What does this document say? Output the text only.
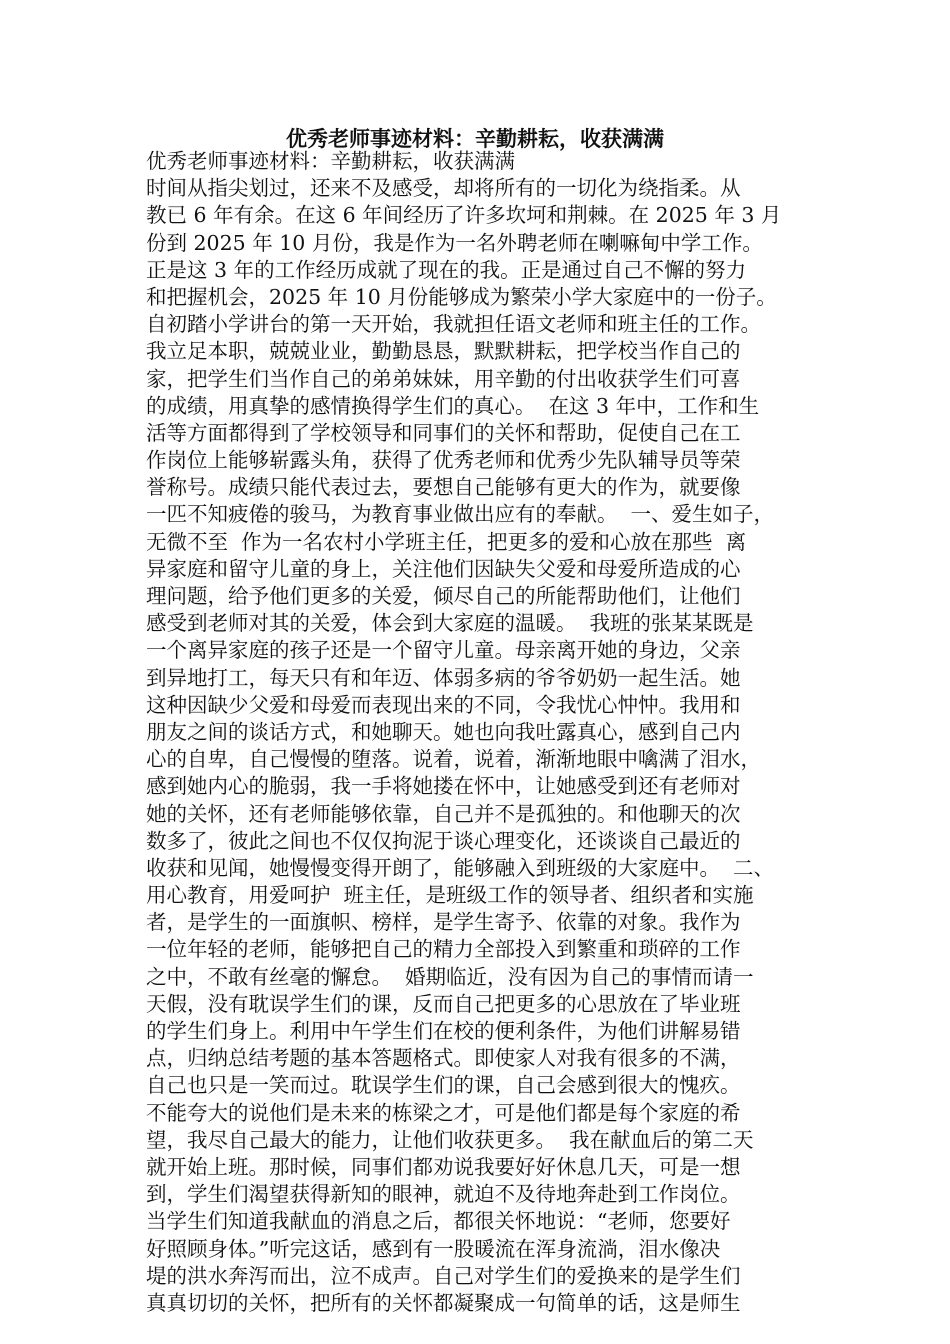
优秀老师事迹材料：辛勤耕耘，收获满满
优秀老师事迹材料：辛勤耕耘，收获满满
时间从指尖划过，还来不及感受，却将所有的一切化为绕指柔。从
教已 6 年有余。在这 6 年间经历了许多坎坷和荆棘。在 2025 年 3 月
份到 2025 年 10 月份，我是作为一名外聘老师在喇嘛甸中学工作。
正是这 3 年的工作经历成就了现在的我。正是通过自己不懈的努力
和把握机会，2025 年 10 月份能够成为繁荣小学大家庭中的一份子。
自初踏小学讲台的第一天开始，我就担任语文老师和班主任的工作。
我立足本职，兢兢业业，勤勤恳恳，默默耕耘，把学校当作自己的
家，把学生们当作自己的弟弟妹妹，用辛勤的付出收获学生们可喜
的成绩，用真挚的感情换得学生们的真心。  在这 3 年中，工作和生
活等方面都得到了学校领导和同事们的关怀和帮助，促使自己在工
作岗位上能够崭露头角，获得了优秀老师和优秀少先队辅导员等荣
誉称号。成绩只能代表过去，要想自己能够有更大的作为，就要像
一匹不知疲倦的骏马，为教育事业做出应有的奉献。  一、爱生如子，
无微不至  作为一名农村小学班主任，把更多的爱和心放在那些  离
异家庭和留守儿童的身上，关注他们因缺失父爱和母爱所造成的心
理问题，给予他们更多的关爱，倾尽自己的所能帮助他们，让他们
感受到老师对其的关爱，体会到大家庭的温暖。  我班的张某某既是
一个离异家庭的孩子还是一个留守儿童。母亲离开她的身边，父亲
到异地打工，每天只有和年迈、体弱多病的爷爷奶奶一起生活。她
这种因缺少父爱和母爱而表现出来的不同，令我忧心忡忡。我用和
朋友之间的谈话方式，和她聊天。她也向我吐露真心，感到自己内
心的自卑，自己慢慢的堕落。说着，说着，渐渐地眼中噙满了泪水，
感到她内心的脆弱，我一手将她搂在怀中，让她感受到还有老师对
她的关怀，还有老师能够依靠，自己并不是孤独的。和他聊天的次
数多了，彼此之间也不仅仅拘泥于谈心理变化，还谈谈自己最近的
收获和见闻，她慢慢变得开朗了，能够融入到班级的大家庭中。  二、
用心教育，用爱呵护  班主任，是班级工作的领导者、组织者和实施
者，是学生的一面旗帜、榜样，是学生寄予、依靠的对象。我作为
一位年轻的老师，能够把自己的精力全部投入到繁重和琐碎的工作
之中，不敢有丝毫的懈怠。  婚期临近，没有因为自己的事情而请一
天假，没有耽误学生们的课，反而自己把更多的心思放在了毕业班
的学生们身上。利用中午学生们在校的便利条件，为他们讲解易错
点，归纳总结考题的基本答题格式。即使家人对我有很多的不满，
自己也只是一笑而过。耽误学生们的课，自己会感到很大的愧疚。
不能夸大的说他们是未来的栋梁之才，可是他们都是每个家庭的希
望，我尽自己最大的能力，让他们收获更多。  我在献血后的第二天
就开始上班。那时候，同事们都劝说我要好好休息几天，可是一想
到，学生们渴望获得新知的眼神，就迫不及待地奔赴到工作岗位。
当学生们知道我献血的消息之后，都很关怀地说：“老师，您要好
好照顾身体。”听完这话，感到有一股暖流在浑身流淌，泪水像决
堤的洪水奔泻而出，泣不成声。自己对学生们的爱换来的是学生们
真真切切的关怀，把所有的关怀都凝聚成一句简单的话，这是师生
